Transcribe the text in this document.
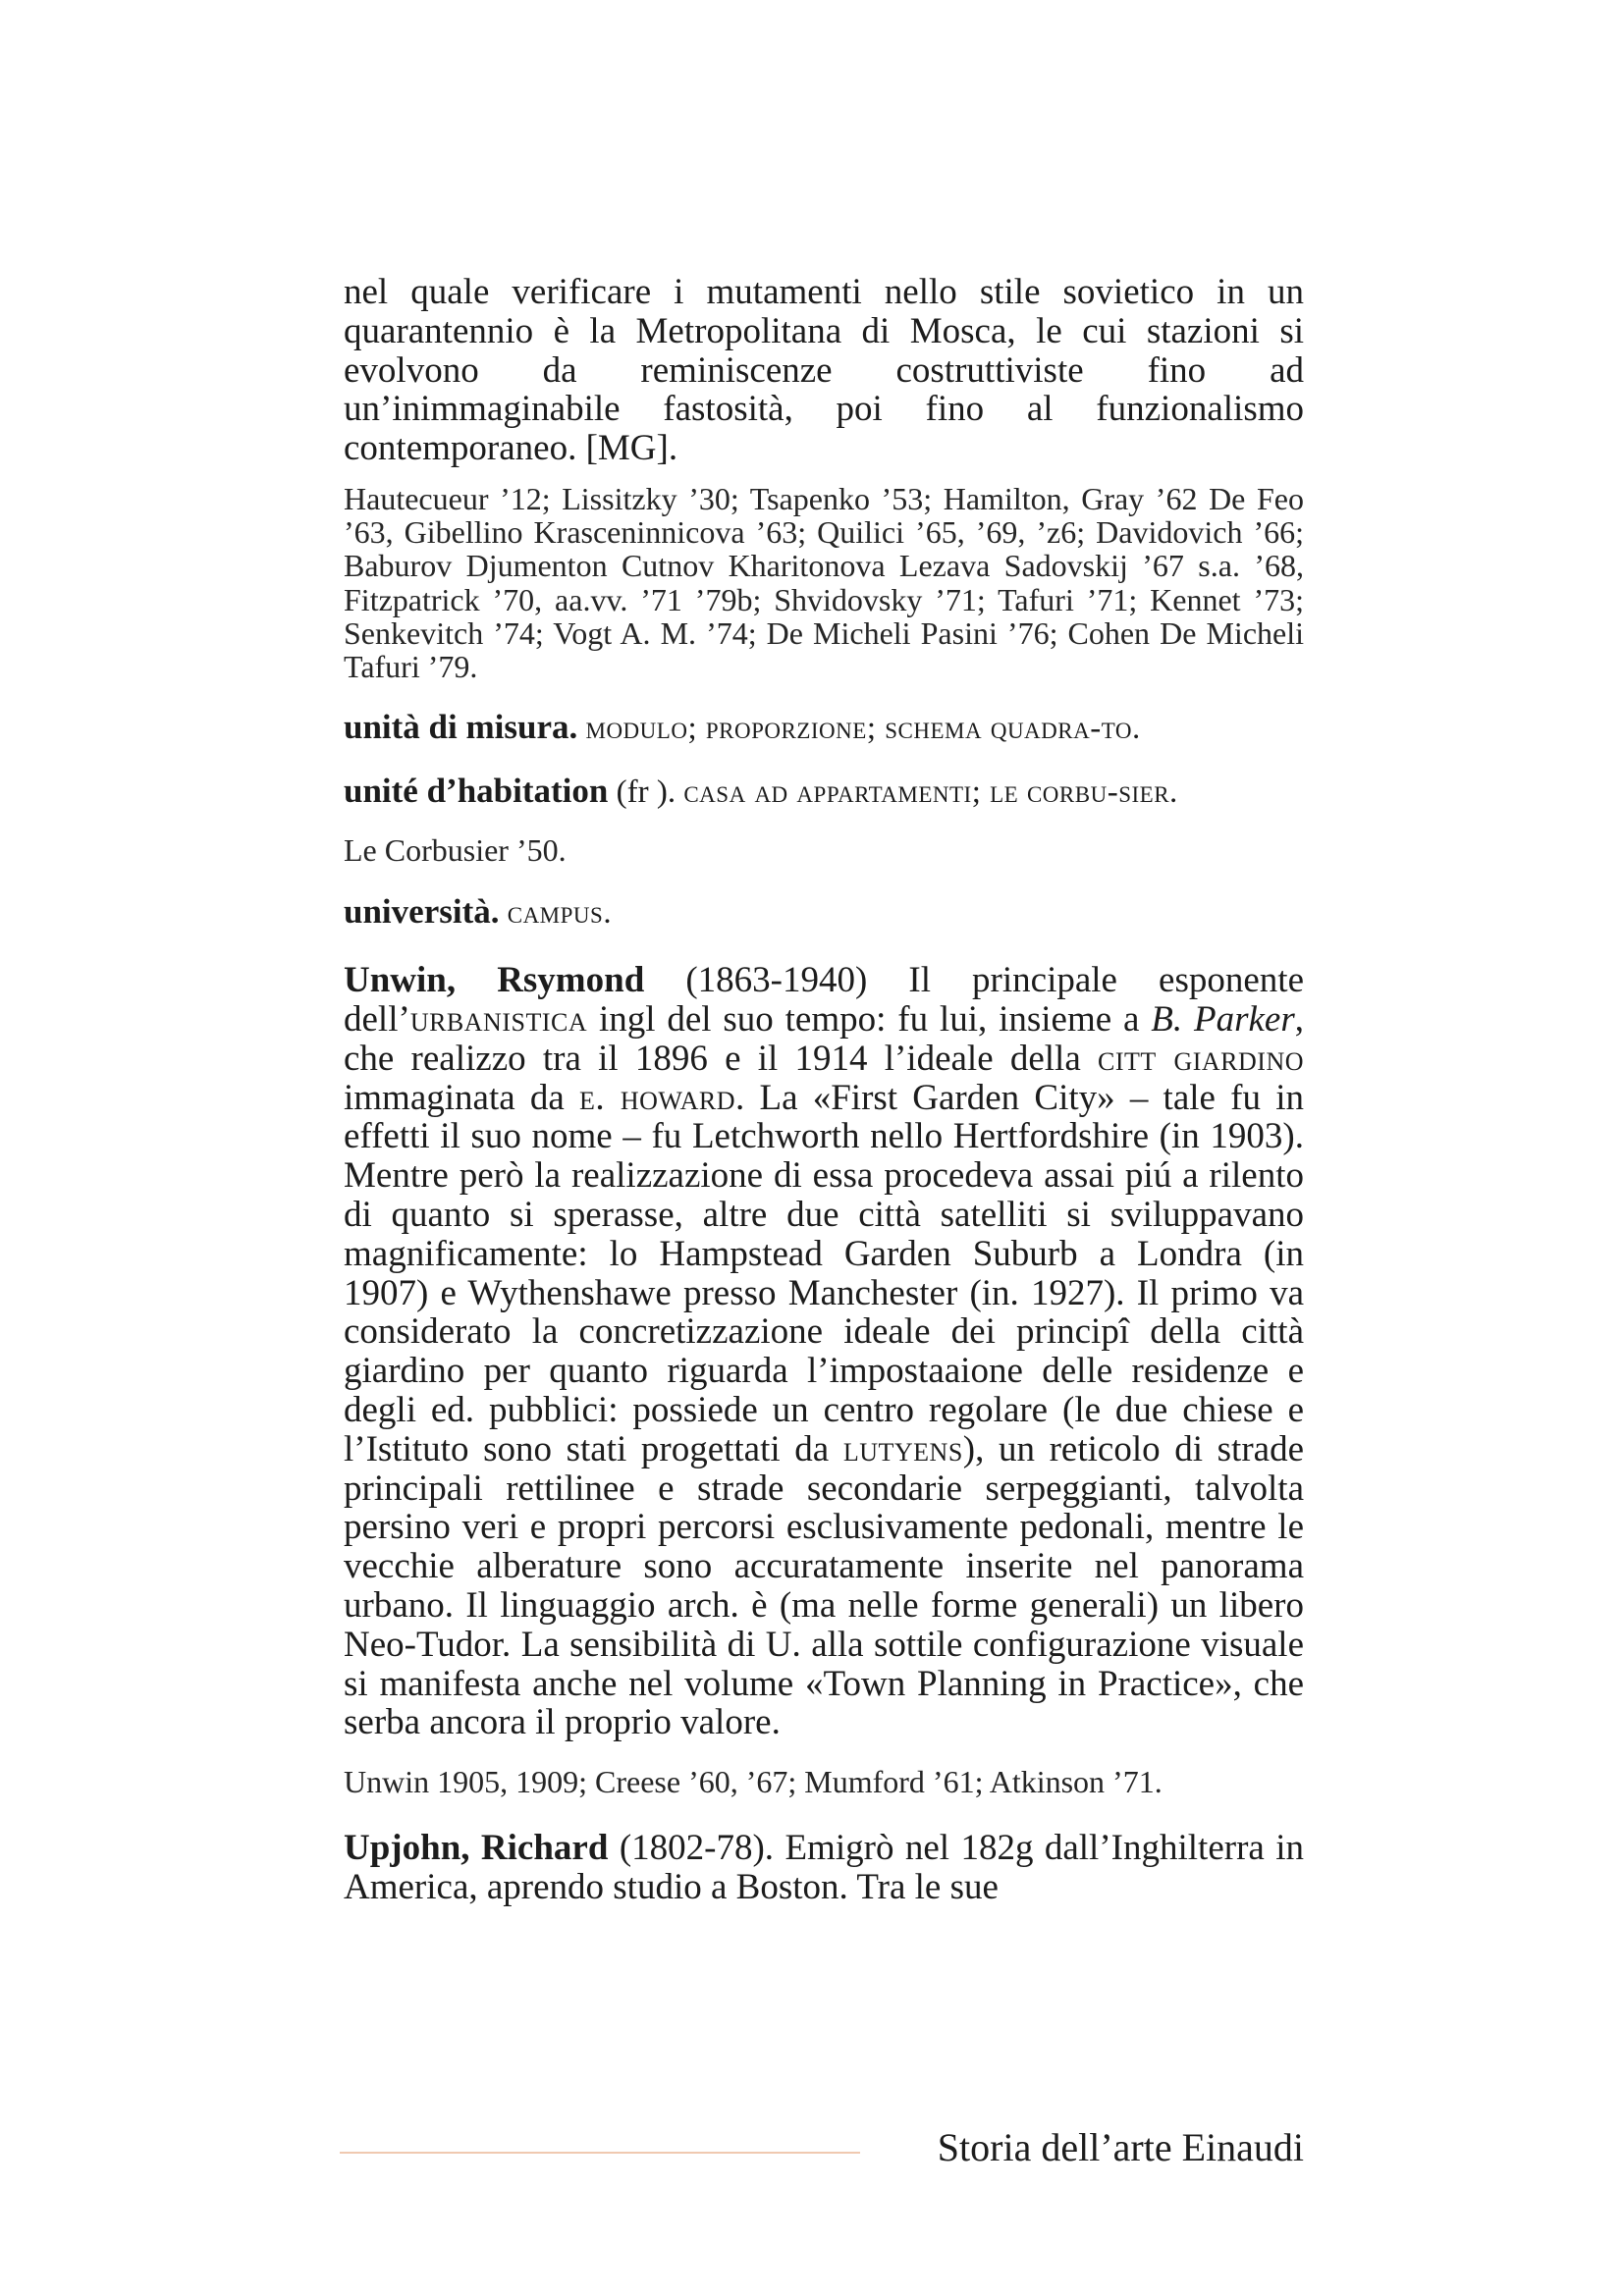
nel quale verificare i mutamenti nello stile sovietico in un quarantennio è la Metropolitana di Mosca, le cui stazioni si evolvono da reminiscenze costruttiviste fino ad un’inimmaginabile fastosità, poi fino al funzionalismo contemporaneo. [MG].

Hautecueur ’12; Lissitzky ’30; Tsapenko ’53; Hamilton, Gray ’62 De Feo ’63, Gibellino Krasceninnicova ’63; Quilici ’65, ’69, ’z6; Davidovich ’66; Baburov Djumenton Cutnov Kharitonova Lezava Sadovskij ’67 s.a. ’68, Fitzpatrick ’70, aa.vv. ’71 ’79b; Shvidovsky ’71; Tafuri ’71; Kennet ’73; Senkevitch ’74; Vogt A. M. ’74; De Micheli Pasini ’76; Cohen De Micheli Tafuri ’79.

unità di misura. modulo; proporzione; schema quadra-to.

unité d’habitation (fr ). casa ad appartamenti; le corbu-sier.

Le Corbusier ’50.

università. campus.

Unwin, Rsymond (1863-1940) Il principale esponente dell’urbanistica ingl del suo tempo: fu lui, insieme a B. Parker, che realizzo tra il 1896 e il 1914 l’ideale della citt giardino immaginata da e. howard. La «First Garden City» – tale fu in effetti il suo nome – fu Letchworth nello Hertfordshire (in 1903). Mentre però la realizzazione di essa procedeva assai piú a rilento di quanto si sperasse, altre due città satelliti si sviluppavano magnificamente: lo Hampstead Garden Suburb a Londra (in 1907) e Wythenshawe presso Manchester (in. 1927). Il primo va considerato la concretizzazione ideale dei principî della città giardino per quanto riguarda l’impostaaione delle residenze e degli ed. pubblici: possiede un centro regolare (le due chiese e l’Istituto sono stati progettati da lutyens), un reticolo di strade principali rettilinee e strade secondarie serpeggianti, talvolta persino veri e propri percorsi esclusivamente pedonali, mentre le vecchie alberature sono accuratamente inserite nel panorama urbano. Il linguaggio arch. è (ma nelle forme generali) un libero Neo-Tudor. La sensibilità di U. alla sottile configurazione visuale si manifesta anche nel volume «Town Planning in Practice», che serba ancora il proprio valore.

Unwin 1905, 1909; Creese ’60, ’67; Mumford ’61; Atkinson ’71.

Upjohn, Richard (1802-78). Emigrò nel 182g dall’Inghilterra in America, aprendo studio a Boston. Tra le sue

Storia dell’arte Einaudi
